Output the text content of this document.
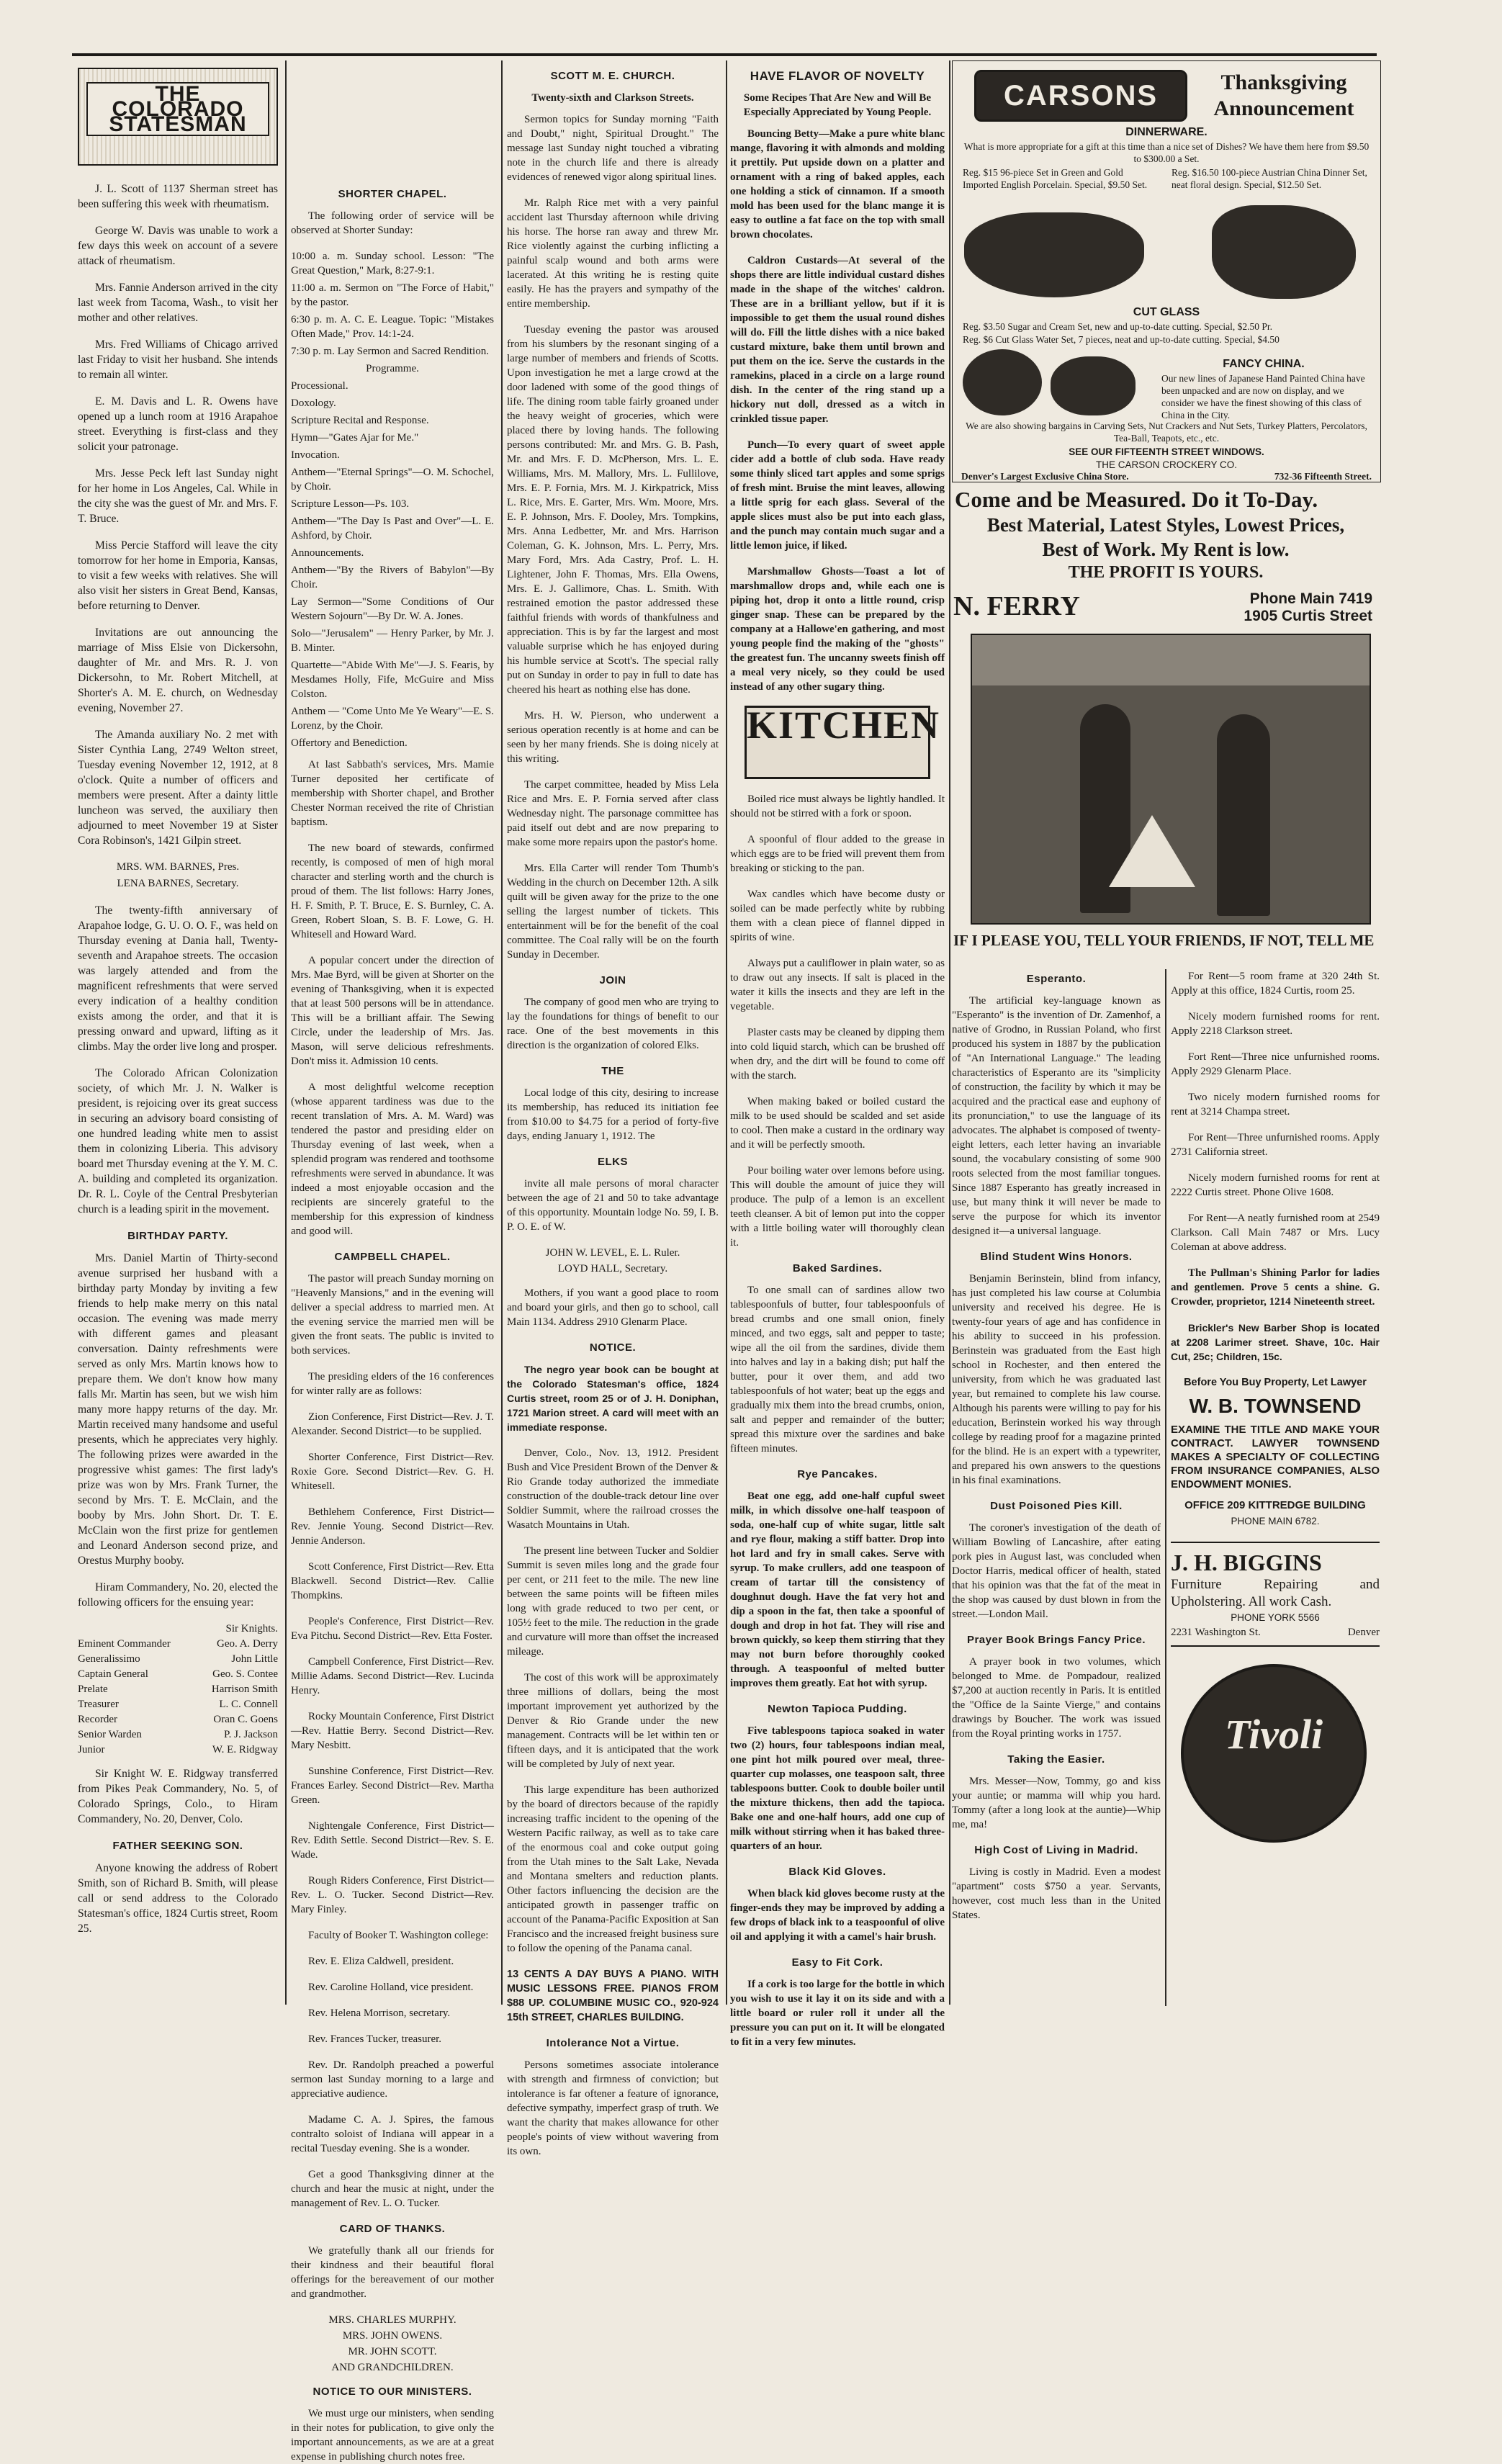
THE COLORADO STATESMAN

J. L. Scott of 1137 Sherman street has been suffering this week with rheumatism.

George W. Davis was unable to work a few days this week on account of a severe attack of rheumatism.

Mrs. Fannie Anderson arrived in the city last week from Tacoma, Wash., to visit her mother and other relatives.

Mrs. Fred Williams of Chicago arrived last Friday to visit her husband. She intends to remain all winter.

E. M. Davis and L. R. Owens have opened up a lunch room at 1916 Arapahoe street. Everything is first-class and they solicit your patronage.

Mrs. Jesse Peck left last Sunday night for her home in Los Angeles, Cal. While in the city she was the guest of Mr. and Mrs. F. T. Bruce.

Miss Percie Stafford will leave the city tomorrow for her home in Emporia, Kansas, to visit a few weeks with relatives. She will also visit her sisters in Great Bend, Kansas, before returning to Denver.

Invitations are out announcing the marriage of Miss Elsie von Dickersohn, daughter of Mr. and Mrs. R. J. von Dickersohn, to Mr. Robert Mitchell, at Shorter's A. M. E. church, on Wednesday evening, November 27.

The Amanda auxiliary No. 2 met with Sister Cynthia Lang, 2749 Welton street, Tuesday evening November 12, 1912, at 8 o'clock. Quite a number of officers and members were present. After a dainty little luncheon was served, the auxiliary then adjourned to meet November 19 at Sister Cora Robinson's, 1421 Gilpin street.

MRS. WM. BARNES, Pres.
LENA BARNES, Secretary.

The twenty-fifth anniversary of Arapahoe lodge, G. U. O. O. F., was held on Thursday evening at Dania hall, Twenty-seventh and Arapahoe streets. The occasion was largely attended and from the magnificent refreshments that were served every indication of a healthy condition exists among the order, and that it is pressing onward and upward, lifting as it climbs. May the order live long and prosper.

The Colorado African Colonization society, of which Mr. J. N. Walker is president, is rejoicing over its great success in securing an advisory board consisting of one hundred leading white men to assist them in colonizing Liberia. This advisory board met Thursday evening at the Y. M. C. A. building and completed its organization. Dr. R. L. Coyle of the Central Presbyterian church is a leading spirit in the movement.

BIRTHDAY PARTY.

Mrs. Daniel Martin of Thirty-second avenue surprised her husband with a birthday party Monday by inviting a few friends to help make merry on this natal occasion. The evening was made merry with different games and pleasant conversation. Dainty refreshments were served as only Mrs. Martin knows how to prepare them. We don't know how many falls Mr. Martin has seen, but we wish him many more happy returns of the day. Mr. Martin received many handsome and useful presents, which he appreciates very highly. The following prizes were awarded in the progressive whist games: The first lady's prize was won by Mrs. Frank Turner, the second by Mrs. T. E. McClain, and the booby by Mrs. John Short. Dr. T. E. McClain won the first prize for gentlemen and Leonard Anderson second prize, and Orestus Murphy booby.

Hiram Commandery, No. 20, elected the following officers for the ensuing year:

Sir Knights.
Eminent Commander	Geo. A. Derry
Generalissimo	John Little
Captain General	Geo. S. Contee
Prelate	Harrison Smith
Treasurer	L. C. Connell
Recorder	Oran C. Goens
Senior Warden	P. J. Jackson
Junior	W. E. Ridgway

Sir Knight W. E. Ridgway transferred from Pikes Peak Commandery, No. 5, of Colorado Springs, Colo., to Hiram Commandery, No. 20, Denver, Colo.

FATHER SEEKING SON.

Anyone knowing the address of Robert Smith, son of Richard B. Smith, will please call or send address to the Colorado Statesman's office, 1824 Curtis street, Room 25.

SHORTER CHAPEL.

The following order of service will be observed at Shorter Sunday:

10:00 a. m. Sunday school. Lesson: "The Great Question," Mark, 8:27-9:1.
11:00 a. m. Sermon on "The Force of Habit," by the pastor.
6:30 p. m. A. C. E. League. Topic: "Mistakes Often Made," Prov. 14:1-24.
7:30 p. m. Lay Sermon and Sacred Rendition.
Programme.
Processional.
Doxology.
Scripture Recital and Response.
Hymn—"Gates Ajar for Me."
Invocation.
Anthem—"Eternal Springs"—O. M. Schochel, by Choir.
Scripture Lesson—Ps. 103.
Anthem—"The Day Is Past and Over"—L. E. Ashford, by Choir.
Announcements.
Anthem—"By the Rivers of Babylon"—By Choir.
Lay Sermon—"Some Conditions of Our Western Sojourn"—By Dr. W. A. Jones.
Solo—"Jerusalem" — Henry Parker, by Mr. J. B. Minter.
Quartette—"Abide With Me"—J. S. Fearis, by Mesdames Holly, Fife, McGuire and Miss Colston.
Anthem — "Come Unto Me Ye Weary"—E. S. Lorenz, by the Choir.
Offertory and Benediction.

At last Sabbath's services, Mrs. Mamie Turner deposited her certificate of membership with Shorter chapel, and Brother Chester Norman received the rite of Christian baptism.

The new board of stewards, confirmed recently, is composed of men of high moral character and sterling worth and the church is proud of them. The list follows: Harry Jones, H. F. Smith, P. T. Bruce, E. S. Burnley, C. A. Green, Robert Sloan, S. B. F. Lowe, G. H. Whitesell and Howard Ward.

A popular concert under the direction of Mrs. Mae Byrd, will be given at Shorter on the evening of Thanksgiving, when it is expected that at least 500 persons will be in attendance. This will be a brilliant affair. The Sewing Circle, under the leadership of Mrs. Jas. Mason, will serve delicious refreshments. Don't miss it. Admission 10 cents.

A most delightful welcome reception (whose apparent tardiness was due to the recent translation of Mrs. A. M. Ward) was tendered the pastor and presiding elder on Thursday evening of last week, when a splendid program was rendered and toothsome refreshments were served in abundance. It was indeed a most enjoyable occasion and the recipients are sincerely grateful to the membership for this expression of kindness and good will.

CAMPBELL CHAPEL.

The pastor will preach Sunday morning on "Heavenly Mansions," and in the evening will deliver a special address to married men. At the evening service the married men will be given the front seats. The public is invited to both services.

The presiding elders of the 16 conferences for winter rally are as follows:

Zion Conference, First District—Rev. J. T. Alexander. Second District—to be supplied.

Shorter Conference, First District—Rev. Roxie Gore. Second District—Rev. G. H. Whitesell.

Bethlehem Conference, First District—Rev. Jennie Young. Second District—Rev. Jennie Anderson.

Scott Conference, First District—Rev. Etta Blackwell. Second District—Rev. Callie Thompkins.

People's Conference, First District—Rev. Eva Pitchu. Second District—Rev. Etta Foster.

Campbell Conference, First District—Rev. Millie Adams. Second District—Rev. Lucinda Henry.

Rocky Mountain Conference, First District—Rev. Hattie Berry. Second District—Rev. Mary Nesbitt.

Sunshine Conference, First District—Rev. Frances Earley. Second District—Rev. Martha Green.

Nightengale Conference, First District—Rev. Edith Settle. Second District—Rev. S. E. Wade.

Rough Riders Conference, First District—Rev. L. O. Tucker. Second District—Rev. Mary Finley.

Faculty of Booker T. Washington college:

Rev. E. Eliza Caldwell, president.

Rev. Caroline Holland, vice president.

Rev. Helena Morrison, secretary.

Rev. Frances Tucker, treasurer.

Rev. Dr. Randolph preached a powerful sermon last Sunday morning to a large and appreciative audience.

Madame C. A. J. Spires, the famous contralto soloist of Indiana will appear in a recital Tuesday evening. She is a wonder.

Get a good Thanksgiving dinner at the church and hear the music at night, under the management of Rev. L. O. Tucker.

CARD OF THANKS.

We gratefully thank all our friends for their kindness and their beautiful floral offerings for the bereavement of our mother and grandmother.

MRS. CHARLES MURPHY.
MRS. JOHN OWENS.
MR. JOHN SCOTT.
AND GRANDCHILDREN.
NOTICE TO OUR MINISTERS.

We must urge our ministers, when sending in their notes for publication, to give only the important announcements, as we are at a great expense in publishing church notes free.

SCOTT M. E. CHURCH.
Twenty-sixth and Clarkson Streets.

Sermon topics for Sunday morning "Faith and Doubt," night, Spiritual Drought." The message last Sunday night touched a vibrating note in the church life and there is already evidences of renewed vigor along spiritual lines.

Mr. Ralph Rice met with a very painful accident last Thursday afternoon while driving his horse. The horse ran away and threw Mr. Rice violently against the curbing inflicting a painful scalp wound and both arms were lacerated. At this writing he is resting quite easily. He has the prayers and sympathy of the entire membership.

Tuesday evening the pastor was aroused from his slumbers by the resonant singing of a large number of members and friends of Scotts. Upon investigation he met a large crowd at the door ladened with some of the good things of life. The dining room table fairly groaned under the heavy weight of groceries, which were placed there by loving hands. The following persons contributed: Mr. and Mrs. G. B. Pash, Mr. and Mrs. F. D. McPherson, Mrs. L. E. Williams, Mrs. M. Mallory, Mrs. L. Fullilove, Mrs. E. P. Fornia, Mrs. M. J. Kirkpatrick, Miss L. Rice, Mrs. E. Garter, Mrs. Wm. Moore, Mrs. E. P. Johnson, Mrs. F. Dooley, Mrs. Tompkins, Mrs. Anna Ledbetter, Mr. and Mrs. Harrison Coleman, G. K. Johnson, Mrs. L. Perry, Mrs. Mary Ford, Mrs. Ada Castry, Prof. L. H. Lightener, John F. Thomas, Mrs. Ella Owens, Mrs. E. J. Gallimore, Chas. L. Smith. With restrained emotion the pastor addressed these faithful friends with words of thankfulness and appreciation. This is by far the largest and most valuable surprise which he has enjoyed during his humble service at Scott's. The special rally put on Sunday in order to pay in full to date has cheered his heart as nothing else has done.

Mrs. H. W. Pierson, who underwent a serious operation recently is at home and can be seen by her many friends. She is doing nicely at this writing.

The carpet committee, headed by Miss Lela Rice and Mrs. E. P. Fornia served after class Wednesday night. The parsonage committee has paid itself out debt and are now preparing to make some more repairs upon the pastor's home.

Mrs. Ella Carter will render Tom Thumb's Wedding in the church on December 12th. A silk quilt will be given away for the prize to the one selling the largest number of tickets. This entertainment will be for the benefit of the coal committee. The Coal rally will be on the fourth Sunday in December.

JOIN

The company of good men who are trying to lay the foundations for things of benefit to our race. One of the best movements in this direction is the organization of colored Elks.

THE

Local lodge of this city, desiring to increase its membership, has reduced its initiation fee from $10.00 to $4.75 for a period of forty-five days, ending January 1, 1912. The

ELKS

invite all male persons of moral character between the age of 21 and 50 to take advantage of this opportunity. Mountain lodge No. 59, I. B. P. O. E. of W.

JOHN W. LEVEL, E. L. Ruler.
LOYD HALL, Secretary.

Mothers, if you want a good place to room and board your girls, and then go to school, call Main 1134. Address 2910 Glenarm Place.

NOTICE.

The negro year book can be bought at the Colorado Statesman's office, 1824 Curtis street, room 25 or of J. H. Doniphan, 1721 Marion street. A card will meet with an immediate response.

Denver, Colo., Nov. 13, 1912. President Bush and Vice President Brown of the Denver & Rio Grande today authorized the immediate construction of the double-track detour line over Soldier Summit, where the railroad crosses the Wasatch Mountains in Utah.

The present line between Tucker and Soldier Summit is seven miles long and the grade four per cent, or 211 feet to the mile. The new line between the same points will be fifteen miles long with grade reduced to two per cent, or 105½ feet to the mile. The reduction in the grade and curvature will more than offset the increased mileage.

The cost of this work will be approximately three millions of dollars, being the most important improvement yet authorized by the Denver & Rio Grande under the new management. Contracts will be let within ten or fifteen days, and it is anticipated that the work will be completed by July of next year.

This large expenditure has been authorized by the board of directors because of the rapidly increasing traffic incident to the opening of the Western Pacific railway, as well as to take care of the enormous coal and coke output going from the Utah mines to the Salt Lake, Nevada and Montana smelters and reduction plants. Other factors influencing the decision are the anticipated growth in passenger traffic on account of the Panama-Pacific Exposition at San Francisco and the increased freight business sure to follow the opening of the Panama canal.

13 CENTS A DAY BUYS A PIANO. WITH MUSIC LESSONS FREE. PIANOS FROM $88 UP. COLUMBINE MUSIC CO., 920-924 15th STREET, CHARLES BUILDING.

Intolerance Not a Virtue.

Persons sometimes associate intolerance with strength and firmness of conviction; but intolerance is far oftener a feature of ignorance, defective sympathy, imperfect grasp of truth. We want the charity that makes allowance for other people's points of view without wavering from its own.

HAVE FLAVOR OF NOVELTY
Some Recipes That Are New and Will Be Especially Appreciated by Young People.

Bouncing Betty—Make a pure white blanc mange, flavoring it with almonds and molding it prettily. Put upside down on a platter and ornament with a ring of baked apples, each one holding a stick of cinnamon. If a smooth mold has been used for the blanc mange it is easy to outline a fat face on the top with small brown chocolates.

Caldron Custards—At several of the shops there are little individual custard dishes made in the shape of the witches' caldron. These are in a brilliant yellow, but if it is impossible to get them the usual round dishes will do. Fill the little dishes with a nice baked custard mixture, bake them until brown and put them on the ice. Serve the custards in the ramekins, placed in a circle on a large round dish. In the center of the ring stand up a hickory nut doll, dressed as a witch in crinkled tissue paper.

Punch—To every quart of sweet apple cider add a bottle of club soda. Have ready some thinly sliced tart apples and some sprigs of fresh mint. Bruise the mint leaves, allowing a little sprig for each glass. Several of the apple slices must also be put into each glass, and the punch may contain much sugar and a little lemon juice, if liked.

Marshmallow Ghosts—Toast a lot of marshmallow drops and, while each one is piping hot, drop it onto a little round, crisp ginger snap. These can be prepared by the company at a Hallowe'en gathering, and most young people find the making of the "ghosts" the greatest fun. The uncanny sweets finish off a meal very nicely, so they could be used instead of any other sugary thing.

KITCHEN

Boiled rice must always be lightly handled. It should not be stirred with a fork or spoon.

A spoonful of flour added to the grease in which eggs are to be fried will prevent them from breaking or sticking to the pan.

Wax candles which have become dusty or soiled can be made perfectly white by rubbing them with a clean piece of flannel dipped in spirits of wine.

Always put a cauliflower in plain water, so as to draw out any insects. If salt is placed in the water it kills the insects and they are left in the vegetable.

Plaster casts may be cleaned by dipping them into cold liquid starch, which can be brushed off when dry, and the dirt will be found to come off with the starch.

When making baked or boiled custard the milk to be used should be scalded and set aside to cool. Then make a custard in the ordinary way and it will be perfectly smooth.

Pour boiling water over lemons before using. This will double the amount of juice they will produce. The pulp of a lemon is an excellent teeth cleanser. A bit of lemon put into the copper with a little boiling water will thoroughly clean it.

Baked Sardines.

To one small can of sardines allow two tablespoonfuls of butter, four tablespoonfuls of bread crumbs and one small onion, finely minced, and two eggs, salt and pepper to taste; wipe all the oil from the sardines, divide them into halves and lay in a baking dish; put half the butter, pour it over them, and add two tablespoonfuls of hot water; beat up the eggs and gradually mix them into the bread crumbs, onion, salt and pepper and remainder of the butter; spread this mixture over the sardines and bake fifteen minutes.

Rye Pancakes.

Beat one egg, add one-half cupful sweet milk, in which dissolve one-half teaspoon of soda, one-half cup of white sugar, little salt and rye flour, making a stiff batter. Drop into hot lard and fry in small cakes. Serve with syrup. To make crullers, add one teaspoon of cream of tartar till the consistency of doughnut dough. Have the fat very hot and dip a spoon in the fat, then take a spoonful of dough and drop in hot fat. They will rise and brown quickly, so keep them stirring that they may not burn before thoroughly cooked through. A teaspoonful of melted butter improves them greatly. Eat hot with syrup.

Newton Tapioca Pudding.

Five tablespoons tapioca soaked in water two (2) hours, four tablespoons indian meal, one pint hot milk poured over meal, three-quarter cup molasses, one teaspoon salt, three tablespoons butter. Cook to double boiler until the mixture thickens, then add the tapioca. Bake one and one-half hours, add one cup of milk without stirring when it has baked three-quarters of an hour.

Black Kid Gloves.

When black kid gloves become rusty at the finger-ends they may be improved by adding a few drops of black ink to a teaspoonful of olive oil and applying it with a camel's hair brush.

Easy to Fit Cork.

If a cork is too large for the bottle in which you wish to use it lay it on its side and with a little board or ruler roll it under all the pressure you can put on it. It will be elongated to fit in a very few minutes.

CARSONS	Thanksgiving Announcement
DINNERWARE.
What is more appropriate for a gift at this time than a nice set of Dishes? We have them here from $9.50 to $300.00 a Set.
Reg. $15 96-piece Set in Green and Gold Imported English Porcelain. Special, $9.50 Set.
Reg. $16.50 100-piece Austrian China Dinner Set, neat floral design. Special, $12.50 Set.
CUT GLASS
Reg. $3.50 Sugar and Cream Set, new and up-to-date cutting. Special, $2.50 Pr.
Reg. $6 Cut Glass Water Set, 7 pieces, neat and up-to-date cutting. Special, $4.50
FANCY CHINA.
Our new lines of Japanese Hand Painted China have been unpacked and are now on display, and we consider we have the finest showing of this class of China in the City.
We are also showing bargains in Carving Sets, Nut Crackers and Nut Sets, Turkey Platters, Percolators, Tea-Ball, Teapots, etc., etc.
SEE OUR FIFTEENTH STREET WINDOWS.
THE CARSON CROCKERY CO.
Denver's Largest Exclusive China Store.	732-36 Fifteenth Street.
Come and be Measured. Do it To-Day.
Best Material, Latest Styles, Lowest Prices,
Best of Work. My Rent is low.
THE PROFIT IS YOURS.
N. FERRY	Phone Main 7419
1905 Curtis Street
IF I PLEASE YOU, TELL YOUR FRIENDS, IF NOT, TELL ME
Esperanto.

The artificial key-language known as "Esperanto" is the invention of Dr. Zamenhof, a native of Grodno, in Russian Poland, who first produced his system in 1887 by the publication of "An International Language." The leading characteristics of Esperanto are its "simplicity of construction, the facility by which it may be acquired and the practical ease and euphony of its pronunciation," to use the language of its advocates. The alphabet is composed of twenty-eight letters, each letter having an invariable sound, the vocabulary consisting of some 900 roots selected from the most familiar tongues. Since 1887 Esperanto has greatly increased in use, but many think it will never be made to serve the purpose for which its inventor designed it—a universal language.

Blind Student Wins Honors.

Benjamin Berinstein, blind from infancy, has just completed his law course at Columbia university and received his degree. He is twenty-four years of age and has confidence in his ability to succeed in his profession. Berinstein was graduated from the East high school in Rochester, and then entered the university, from which he was graduated last year, but remained to complete his law course. Although his parents were willing to pay for his education, Berinstein worked his way through college by reading proof for a magazine printed for the blind. He is an expert with a typewriter, and prepared his own answers to the questions in his final examinations.

Dust Poisoned Pies Kill.

The coroner's investigation of the death of William Bowling of Lancashire, after eating pork pies in August last, was concluded when Doctor Harris, medical officer of health, stated that his opinion was that the fat of the meat in the shop was caused by dust blown in from the street.—London Mail.

Prayer Book Brings Fancy Price.

A prayer book in two volumes, which belonged to Mme. de Pompadour, realized $7,200 at auction recently in Paris. It is entitled the "Office de la Sainte Vierge," and contains drawings by Boucher. The work was issued from the Royal printing works in 1757.

Taking the Easier.

Mrs. Messer—Now, Tommy, go and kiss your auntie; or mamma will whip you hard. Tommy (after a long look at the auntie)—Whip me, ma!

High Cost of Living in Madrid.

Living is costly in Madrid. Even a modest "apartment" costs $750 a year. Servants, however, cost much less than in the United States.

For Rent—5 room frame at 320 24th St. Apply at this office, 1824 Curtis, room 25.

Nicely modern furnished rooms for rent. Apply 2218 Clarkson street.

Fort Rent—Three nice unfurnished rooms. Apply 2929 Glenarm Place.

Two nicely modern furnished rooms for rent at 3214 Champa street.

For Rent—Three unfurnished rooms. Apply 2731 California street.

Nicely modern furnished rooms for rent at 2222 Curtis street. Phone Olive 1608.

For Rent—A neatly furnished room at 2549 Clarkson. Call Main 7487 or Mrs. Lucy Coleman at above address.

The Pullman's Shining Parlor for ladies and gentlemen. Prove 5 cents a shine. G. Crowder, proprietor, 1214 Nineteenth street.

Brickler's New Barber Shop is located at 2208 Larimer street. Shave, 10c. Hair Cut, 25c; Children, 15c.

Before You Buy Property, Let Lawyer
W. B. TOWNSEND
EXAMINE THE TITLE AND MAKE YOUR CONTRACT. LAWYER TOWNSEND MAKES A SPECIALTY OF COLLECTING FROM INSURANCE COMPANIES, ALSO ENDOWMENT MONIES.
OFFICE 209 KITTREDGE BUILDING
PHONE MAIN 6782.
J. H. BIGGINS
Furniture Repairing and Upholstering. All work Cash.
PHONE YORK 5566
2231 Washington St.	Denver
Tivoli
